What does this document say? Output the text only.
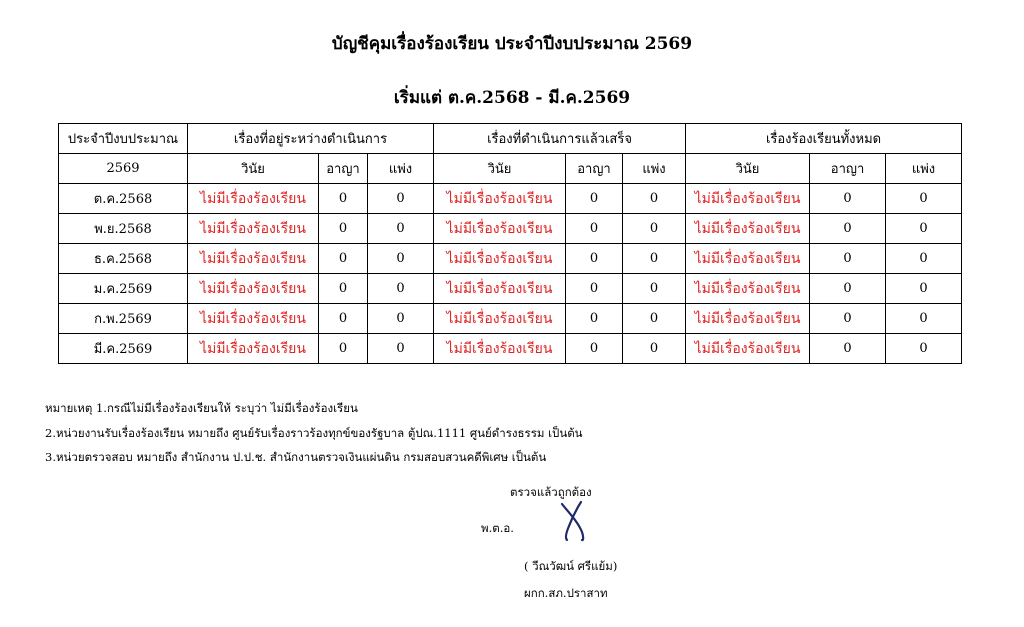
บัญชีคุมเรื่องร้องเรียน ประจำปีงบประมาณ 2569
เริ่มแต่ ต.ค.2568 - มี.ค.2569
ประจำปีงบประมาณ	เรื่องที่อยู่ระหว่างดำเนินการ			เรื่องที่ดำเนินการแล้วเสร็จ			เรื่องร้องเรียนทั้งหมด		
2569	วินัย	อาญา	แพ่ง	วินัย	อาญา	แพ่ง	วินัย	อาญา	แพ่ง
ต.ค.2568	ไม่มีเรื่องร้องเรียน	0	0	ไม่มีเรื่องร้องเรียน	0	0	ไม่มีเรื่องร้องเรียน	0	0
พ.ย.2568	ไม่มีเรื่องร้องเรียน	0	0	ไม่มีเรื่องร้องเรียน	0	0	ไม่มีเรื่องร้องเรียน	0	0
ธ.ค.2568	ไม่มีเรื่องร้องเรียน	0	0	ไม่มีเรื่องร้องเรียน	0	0	ไม่มีเรื่องร้องเรียน	0	0
ม.ค.2569	ไม่มีเรื่องร้องเรียน	0	0	ไม่มีเรื่องร้องเรียน	0	0	ไม่มีเรื่องร้องเรียน	0	0
ก.พ.2569	ไม่มีเรื่องร้องเรียน	0	0	ไม่มีเรื่องร้องเรียน	0	0	ไม่มีเรื่องร้องเรียน	0	0
มี.ค.2569	ไม่มีเรื่องร้องเรียน	0	0	ไม่มีเรื่องร้องเรียน	0	0	ไม่มีเรื่องร้องเรียน	0	0
หมายเหตุ 1.กรณีไม่มีเรื่องร้องเรียนให้ ระบุว่า ไม่มีเรื่องร้องเรียน
2.หน่วยงานรับเรื่องร้องเรียน หมายถึง ศูนย์รับเรื่องราวร้องทุกข์ของรัฐบาล ตู้ปณ.1111 ศูนย์ดำรงธรรม เป็นต้น
3.หน่วยตรวจสอบ หมายถึง สำนักงาน ป.ป.ช. สำนักงานตรวจเงินแผ่นดิน กรมสอบสวนคดีพิเศษ เป็นต้น
ตรวจแล้วถูกต้อง
พ.ต.อ.
( วีณวัฒน์ ศรีแย้ม)
ผกก.สภ.ปราสาท
